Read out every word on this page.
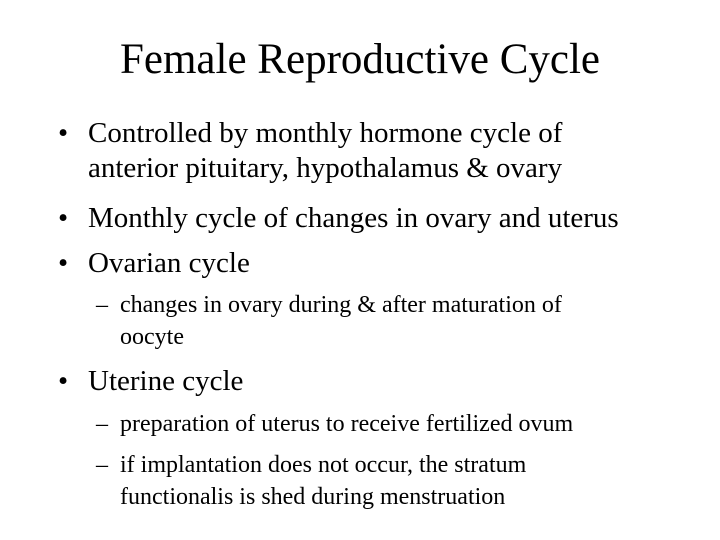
Female Reproductive Cycle
• Controlled by monthly hormone cycle of
anterior pituitary, hypothalamus & ovary
• Monthly cycle of changes in ovary and uterus
• Ovarian cycle
– changes in ovary during & after maturation of
oocyte
• Uterine cycle
– preparation of uterus to receive fertilized ovum
– if implantation does not occur, the stratum
functionalis is shed during menstruation
